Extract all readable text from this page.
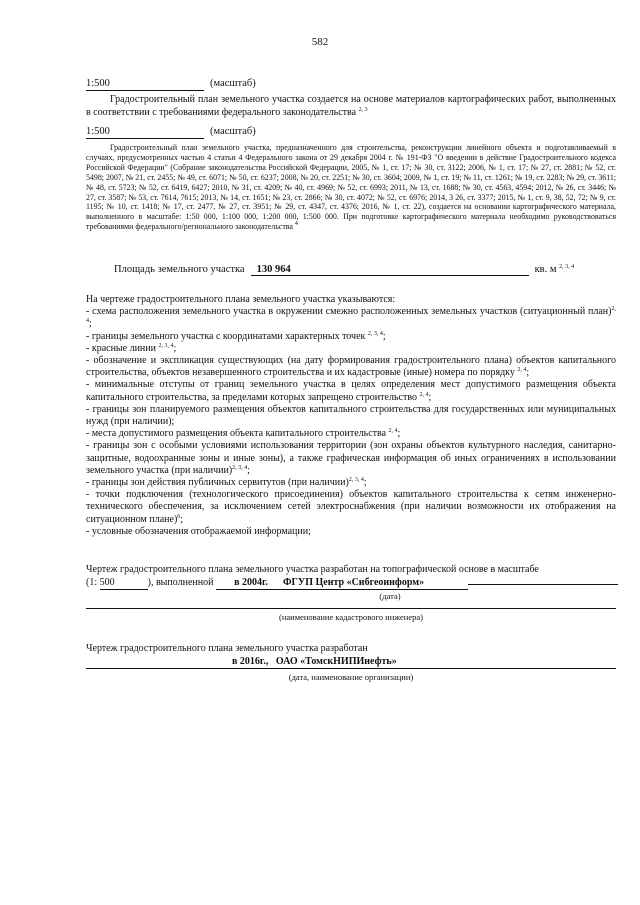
582
1:500	(масштаб)
Градостроительный план земельного участка создается на основе материалов картографических работ, выполненных в соответствии с требованиями федерального законодательства $^{2, 3}$
1:500	(масштаб)
Градостроительный план земельного участка, предназначенного для строительства, реконструкции линейного объекта и подготавливаемый в случаях, предусмотренных частью 4 статьи 4 Федерального закона от 29 декабря 2004 г. № 191-ФЗ "О введении в действие Градостроительного кодекса Российской Федерации" (Собрание законодательства Российской Федерации, 2005, № 1, ст. 17; № 30, ст. 3122; 2006, № 1, ст. 17; № 27, ст. 2881; № 52, ст. 5498; 2007, № 21, ст. 2455; № 49, ст. 6071; № 50, ст. 6237; 2008, № 20, ст. 2251; № 30, ст. 3604; 2009, № 1, ст. 19; № 11, ст. 1261; № 19, ст. 2283; № 29, ст. 3611; № 48, ст. 5723; № 52, ст. 6419, 6427; 2010, № 31, ст. 4209; № 40, ст. 4969; № 52, ст. 6993; 2011, № 13, ст. 1688; № 30, ст. 4563, 4594; 2012, № 26, ст. 3446; № 27, ст. 3587; № 53, ст. 7614, 7615; 2013, № 14, ст. 1651; № 23, ст. 2866; № 30, ст. 4072; № 52, ст. 6976; 2014, 3 26, ст. 3377; 2015, № 1, ст. 9, 38, 52, 72; № 9, ст. 1195; № 10, ст. 1418; № 17, ст. 2477, № 27, ст. 3951; № 29, ст. 4347, ст. 4376; 2016, № 1, ст. 22), создается на основании картографического материала, выполненного в масштабе: 1:50 000, 1:100 000, 1:200 000, 1:500 000. При подготовке картографического материала необходимо руководствоваться требованиями федерального/регионального законодательства $^4$
Площадь земельного участка 130 964	кв. м $^{2, 3, 4}$

На чертеже градостроительного плана земельного участка указываются:

- схема расположения земельного участка в окружении смежно расположенных земельных участков (ситуационный план)$^{2, 4}$;

- границы земельного участка с координатами характерных точек $^{2, 3, 4}$;

- красные линии $^{2, 3, 4}$;

- обозначение и экспликация существующих (на дату формирования градостроительного плана) объектов капитального строительства, объектов незавершенного строительства и их кадастровые (иные) номера по порядку $^{2, 4}$;

- минимальные отступы от границ земельного участка в целях определения мест допустимого размещения объекта капитального строительства, за пределами которых запрещено строительство $^{2, 4}$;

- границы зон планируемого размещения объектов капитального строительства для государственных или муниципальных нужд (при наличии);

- места допустимого размещения объекта капитального строительства $^{2, 4}$;

- границы зон с особыми условиями использования территории (зон охраны объектов культурного наследия, санитарно-защитные, водоохранные зоны и иные зоны), а также графическая информация об иных ограничениях в использовании земельного участка (при наличии)$^{2, 3, 4}$;

- границы зон действия публичных сервитутов (при наличии)$^{2, 3, 4}$;

- точки подключения (технологического присоединения) объектов капитального строительства к сетям инженерно-технического обеспечения, за исключением сетей электроснабжения (при наличии возможности их отображения на ситуационном плане)$^6$;

- условные обозначения отображаемой информации;

Чертеж градостроительного плана земельного участка разработан на топографической основе в масштабе

(1: 500	), выполненной в 2004г. ФГУП Центр «Сибгеоинформ»

(дата)
(наименование кадастрового инженера)

Чертеж градостроительного плана земельного участка разработан

в 2016г., ОАО «ТомскНИПИнефть»

(дата, наименование организации)
